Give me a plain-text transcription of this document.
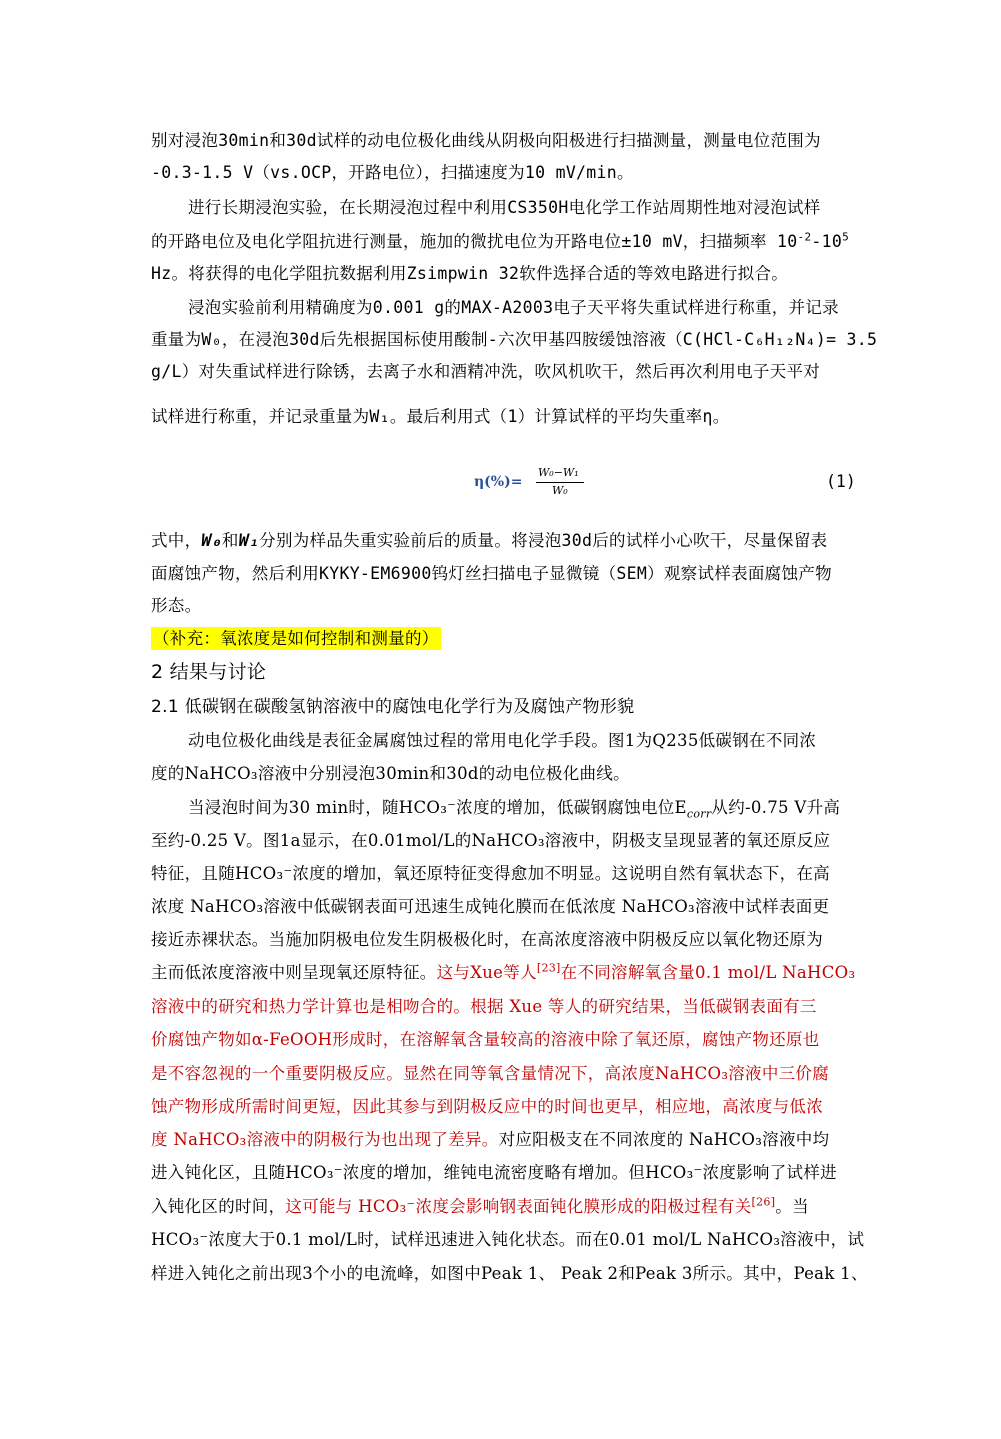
别对浸泡30min和30d试样的动电位极化曲线从阴极向阳极进行扫描测量，测量电位范围为
-0.3-1.5 V（vs.OCP，开路电位），扫描速度为10 mV/min。
进行长期浸泡实验，在长期浸泡过程中利用CS350H电化学工作站周期性地对浸泡试样
的开路电位及电化学阻抗进行测量，施加的微扰电位为开路电位±10 mV，扫描频率 $10^{-2}-10^5$
Hz。将获得的电化学阻抗数据利用Zsimpwin 32软件选择合适的等效电路进行拟合。
浸泡实验前利用精确度为0.001 g的MAX-A2003电子天平将失重试样进行称重，并记录
重量为W₀，在浸泡30d后先根据国标使用酸制-六次甲基四胺缓蚀溶液（C(HCl-C₆H₁₂N₄)= 3.5
g/L）对失重试样进行除锈，去离子水和酒精冲洗，吹风机吹干，然后再次利用电子天平对
试样进行称重，并记录重量为W₁。最后利用式（1）计算试样的平均失重率η。
η(%)=
W₀−W₁
W₀	(1)
式中，W₀和W₁分别为样品失重实验前后的质量。将浸泡30d后的试样小心吹干，尽量保留表
面腐蚀产物，然后利用KYKY-EM6900钨灯丝扫描电子显微镜（SEM）观察试样表面腐蚀产物
形态。
（补充：氧浓度是如何控制和测量的）
2 结果与讨论
2.1 低碳钢在碳酸氢钠溶液中的腐蚀电化学行为及腐蚀产物形貌
动电位极化曲线是表征金属腐蚀过程的常用电化学手段。图1为Q235低碳钢在不同浓
度的NaHCO₃溶液中分别浸泡30min和30d的动电位极化曲线。
当浸泡时间为30 min时，随HCO₃⁻浓度的增加，低碳钢腐蚀电位$E_{corr}$从约-0.75 V升高
至约-0.25 V。图1a显示，在0.01mol/L的NaHCO₃溶液中，阴极支呈现显著的氧还原反应
特征，且随HCO₃⁻浓度的增加，氧还原特征变得愈加不明显。这说明自然有氧状态下，在高
浓度 NaHCO₃溶液中低碳钢表面可迅速生成钝化膜而在低浓度 NaHCO₃溶液中试样表面更
接近赤裸状态。当施加阴极电位发生阴极极化时，在高浓度溶液中阴极反应以氧化物还原为
主而低浓度溶液中则呈现氧还原特征。这与Xue等人[23]在不同溶解氧含量0.1 mol/L NaHCO₃
溶液中的研究和热力学计算也是相吻合的。根据 Xue 等人的研究结果，当低碳钢表面有三
价腐蚀产物如α-FeOOH形成时，在溶解氧含量较高的溶液中除了氧还原，腐蚀产物还原也
是不容忽视的一个重要阴极反应。显然在同等氧含量情况下，高浓度NaHCO₃溶液中三价腐
蚀产物形成所需时间更短，因此其参与到阴极反应中的时间也更早，相应地，高浓度与低浓
度 NaHCO₃溶液中的阴极行为也出现了差异。对应阳极支在不同浓度的 NaHCO₃溶液中均
进入钝化区，且随HCO₃⁻浓度的增加，维钝电流密度略有增加。但HCO₃⁻浓度影响了试样进
入钝化区的时间，这可能与 HCO₃⁻浓度会影响钢表面钝化膜形成的阳极过程有关[26]。当
HCO₃⁻浓度大于0.1 mol/L时，试样迅速进入钝化状态。而在0.01 mol/L NaHCO₃溶液中，试
样进入钝化之前出现3个小的电流峰，如图中Peak 1、 Peak 2和Peak 3所示。其中，Peak 1、
